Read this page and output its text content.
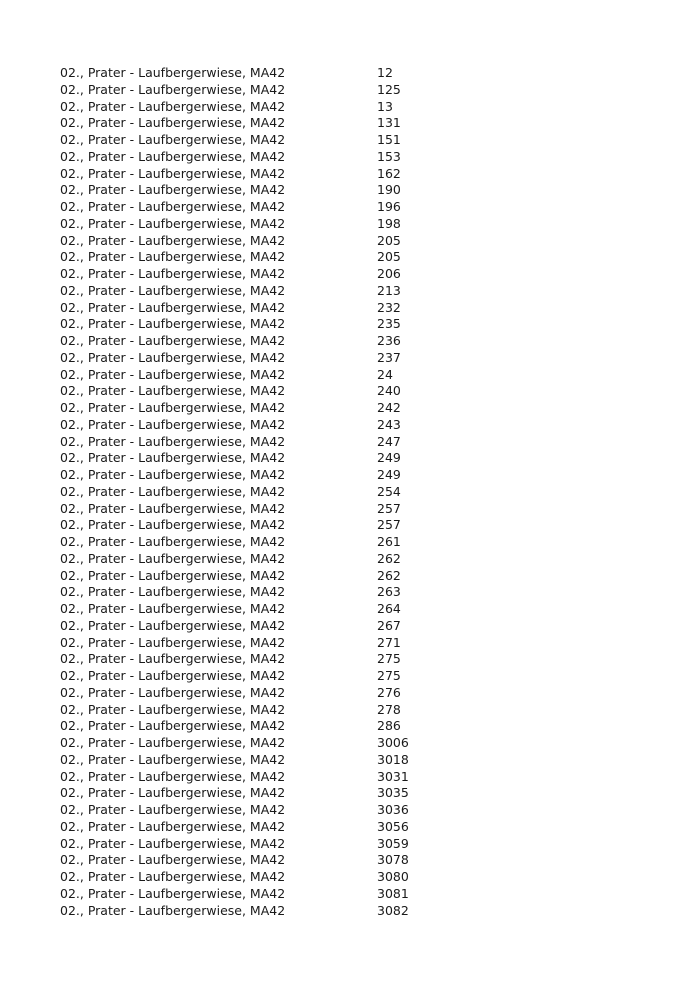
02., Prater - Laufbergerwiese, MA42	12
02., Prater - Laufbergerwiese, MA42	125
02., Prater - Laufbergerwiese, MA42	13
02., Prater - Laufbergerwiese, MA42	131
02., Prater - Laufbergerwiese, MA42	151
02., Prater - Laufbergerwiese, MA42	153
02., Prater - Laufbergerwiese, MA42	162
02., Prater - Laufbergerwiese, MA42	190
02., Prater - Laufbergerwiese, MA42	196
02., Prater - Laufbergerwiese, MA42	198
02., Prater - Laufbergerwiese, MA42	205
02., Prater - Laufbergerwiese, MA42	205
02., Prater - Laufbergerwiese, MA42	206
02., Prater - Laufbergerwiese, MA42	213
02., Prater - Laufbergerwiese, MA42	232
02., Prater - Laufbergerwiese, MA42	235
02., Prater - Laufbergerwiese, MA42	236
02., Prater - Laufbergerwiese, MA42	237
02., Prater - Laufbergerwiese, MA42	24
02., Prater - Laufbergerwiese, MA42	240
02., Prater - Laufbergerwiese, MA42	242
02., Prater - Laufbergerwiese, MA42	243
02., Prater - Laufbergerwiese, MA42	247
02., Prater - Laufbergerwiese, MA42	249
02., Prater - Laufbergerwiese, MA42	249
02., Prater - Laufbergerwiese, MA42	254
02., Prater - Laufbergerwiese, MA42	257
02., Prater - Laufbergerwiese, MA42	257
02., Prater - Laufbergerwiese, MA42	261
02., Prater - Laufbergerwiese, MA42	262
02., Prater - Laufbergerwiese, MA42	262
02., Prater - Laufbergerwiese, MA42	263
02., Prater - Laufbergerwiese, MA42	264
02., Prater - Laufbergerwiese, MA42	267
02., Prater - Laufbergerwiese, MA42	271
02., Prater - Laufbergerwiese, MA42	275
02., Prater - Laufbergerwiese, MA42	275
02., Prater - Laufbergerwiese, MA42	276
02., Prater - Laufbergerwiese, MA42	278
02., Prater - Laufbergerwiese, MA42	286
02., Prater - Laufbergerwiese, MA42	3006
02., Prater - Laufbergerwiese, MA42	3018
02., Prater - Laufbergerwiese, MA42	3031
02., Prater - Laufbergerwiese, MA42	3035
02., Prater - Laufbergerwiese, MA42	3036
02., Prater - Laufbergerwiese, MA42	3056
02., Prater - Laufbergerwiese, MA42	3059
02., Prater - Laufbergerwiese, MA42	3078
02., Prater - Laufbergerwiese, MA42	3080
02., Prater - Laufbergerwiese, MA42	3081
02., Prater - Laufbergerwiese, MA42	3082
